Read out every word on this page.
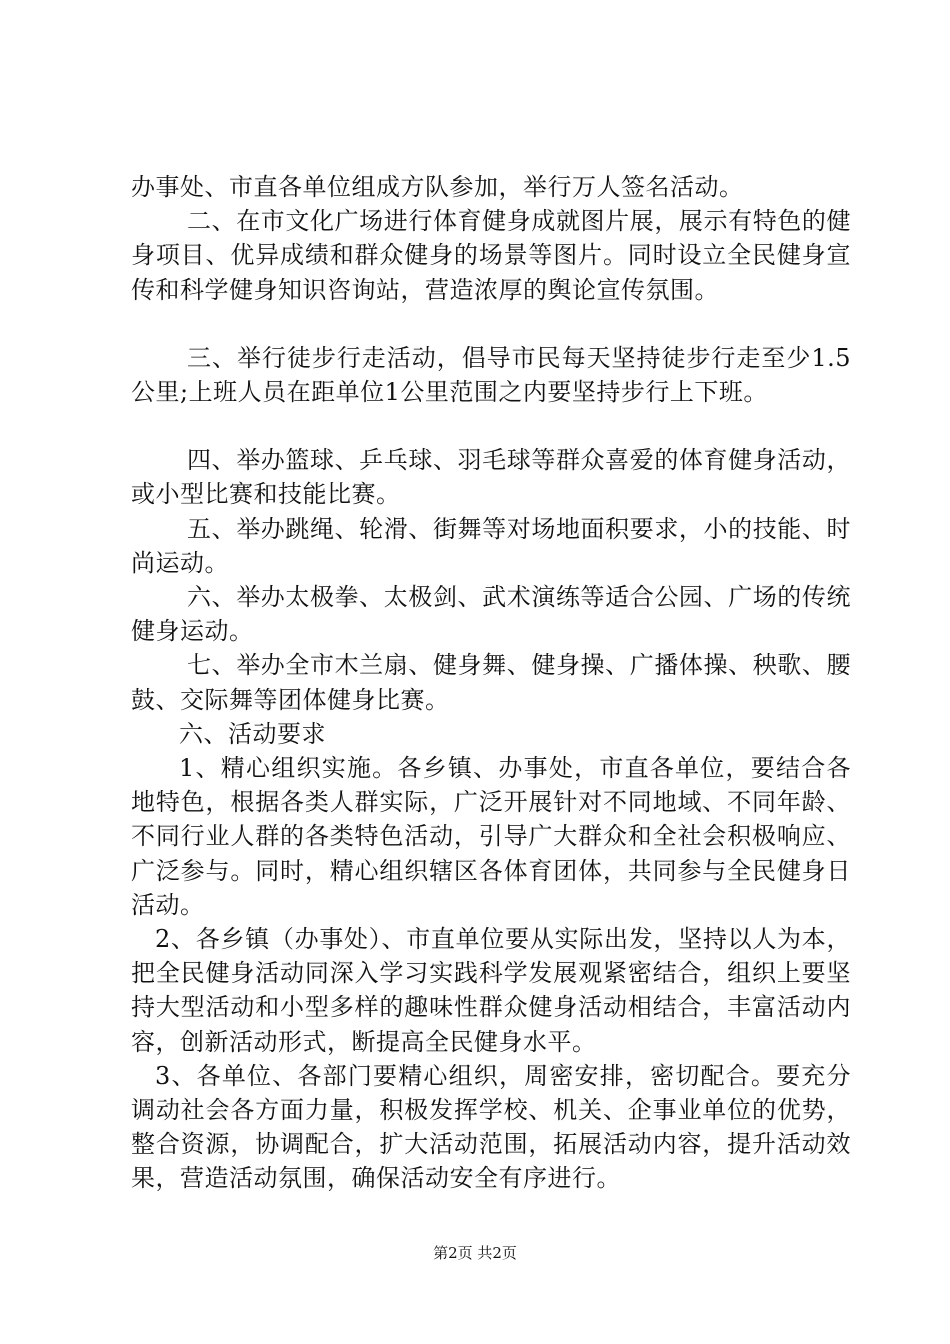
办事处、市直各单位组成方队参加，举行万人签名活动。

二、在市文化广场进行体育健身成就图片展，展示有特色的健身项目、优异成绩和群众健身的场景等图片。同时设立全民健身宣传和科学健身知识咨询站，营造浓厚的舆论宣传氛围。

三、举行徒步行走活动，倡导市民每天坚持徒步行走至少1.5公里;上班人员在距单位1公里范围之内要坚持步行上下班。

四、举办篮球、乒乓球、羽毛球等群众喜爱的体育健身活动，或小型比赛和技能比赛。

五、举办跳绳、轮滑、街舞等对场地面积要求，小的技能、时尚运动。

六、举办太极拳、太极剑、武术演练等适合公园、广场的传统健身运动。

七、举办全市木兰扇、健身舞、健身操、广播体操、秧歌、腰鼓、交际舞等团体健身比赛。

六、活动要求

1、精心组织实施。各乡镇、办事处，市直各单位，要结合各地特色，根据各类人群实际，广泛开展针对不同地域、不同年龄、不同行业人群的各类特色活动，引导广大群众和全社会积极响应、广泛参与。同时，精心组织辖区各体育团体，共同参与全民健身日活动。

2、各乡镇（办事处）、市直单位要从实际出发，坚持以人为本，把全民健身活动同深入学习实践科学发展观紧密结合，组织上要坚持大型活动和小型多样的趣味性群众健身活动相结合，丰富活动内容，创新活动形式，断提高全民健身水平。

3、各单位、各部门要精心组织，周密安排，密切配合。要充分调动社会各方面力量，积极发挥学校、机关、企事业单位的优势，整合资源，协调配合，扩大活动范围，拓展活动内容，提升活动效果，营造活动氛围，确保活动安全有序进行。

第2页 共2页
